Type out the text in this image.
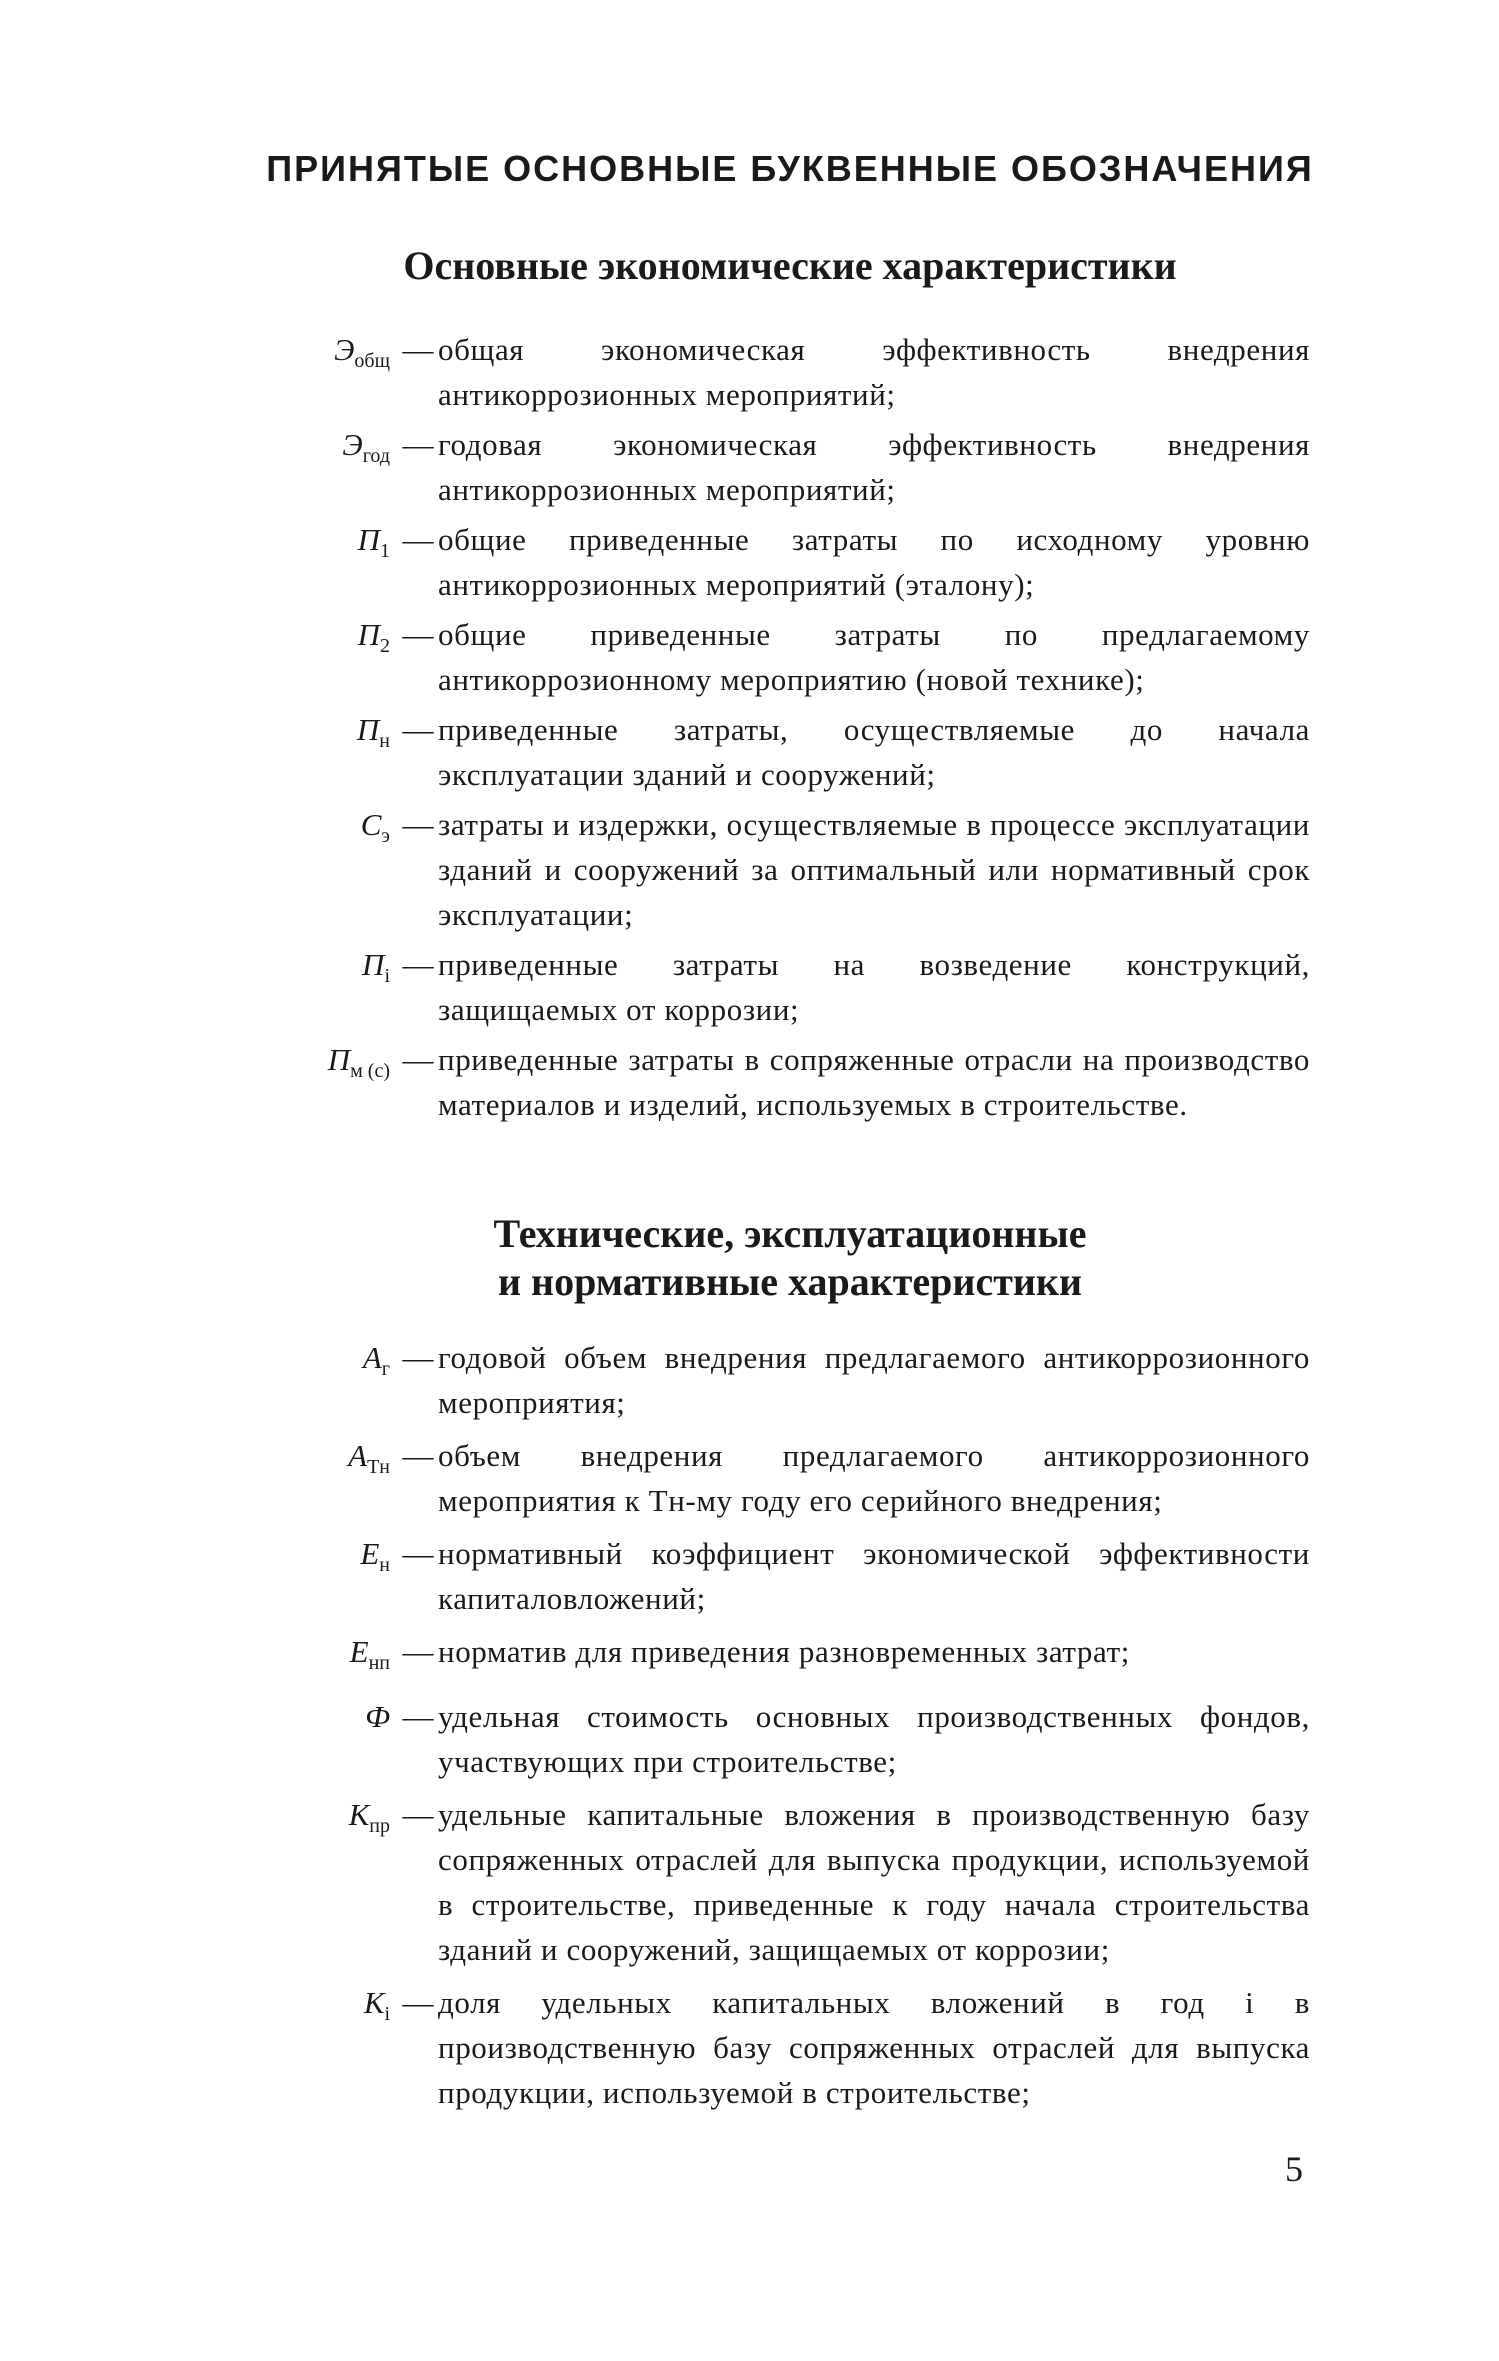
ПРИНЯТЫЕ ОСНОВНЫЕ БУКВЕННЫЕ ОБОЗНАЧЕНИЯ
Основные экономические характеристики
$Э_{общ}$ — общая экономическая эффективность внедрения антикоррозионных мероприятий;
$Э_{год}$ — годовая экономическая эффективность внедрения антикоррозионных мероприятий;
$П_1$ — общие приведенные затраты по исходному уровню антикоррозионных мероприятий (эталону);
$П_2$ — общие приведенные затраты по предлагаемому антикоррозионному мероприятию (новой технике);
$П_н$ — приведенные затраты, осуществляемые до начала эксплуатации зданий и сооружений;
$С_э$ — затраты и издержки, осуществляемые в процессе эксплуатации зданий и сооружений за оптимальный или нормативный срок эксплуатации;
$П_i$ — приведенные затраты на возведение конструкций, защищаемых от коррозии;
$П_{м (с)}$ — приведенные затраты в сопряженные отрасли на производство материалов и изделий, используемых в строительстве.
Технические, эксплуатационные
и нормативные характеристики
$А_г$ — годовой объем внедрения предлагаемого антикоррозионного мероприятия;
$А_{Тн}$ — объем внедрения предлагаемого антикоррозионного мероприятия к Тн-му году его серийного внедрения;
$Е_н$ — нормативный коэффициент экономической эффективности капиталовложений;
$Е_{нп}$ — норматив для приведения разновременных затрат;
Ф — удельная стоимость основных производственных фондов, участвующих при строительстве;
$К_{пр}$ — удельные капитальные вложения в производственную базу сопряженных отраслей для выпуска продукции, используемой в строительстве, приведенные к году начала строительства зданий и сооружений, защищаемых от коррозии;
$К_i$ — доля удельных капитальных вложений в год i в производственную базу сопряженных отраслей для выпуска продукции, используемой в строительстве;
5
